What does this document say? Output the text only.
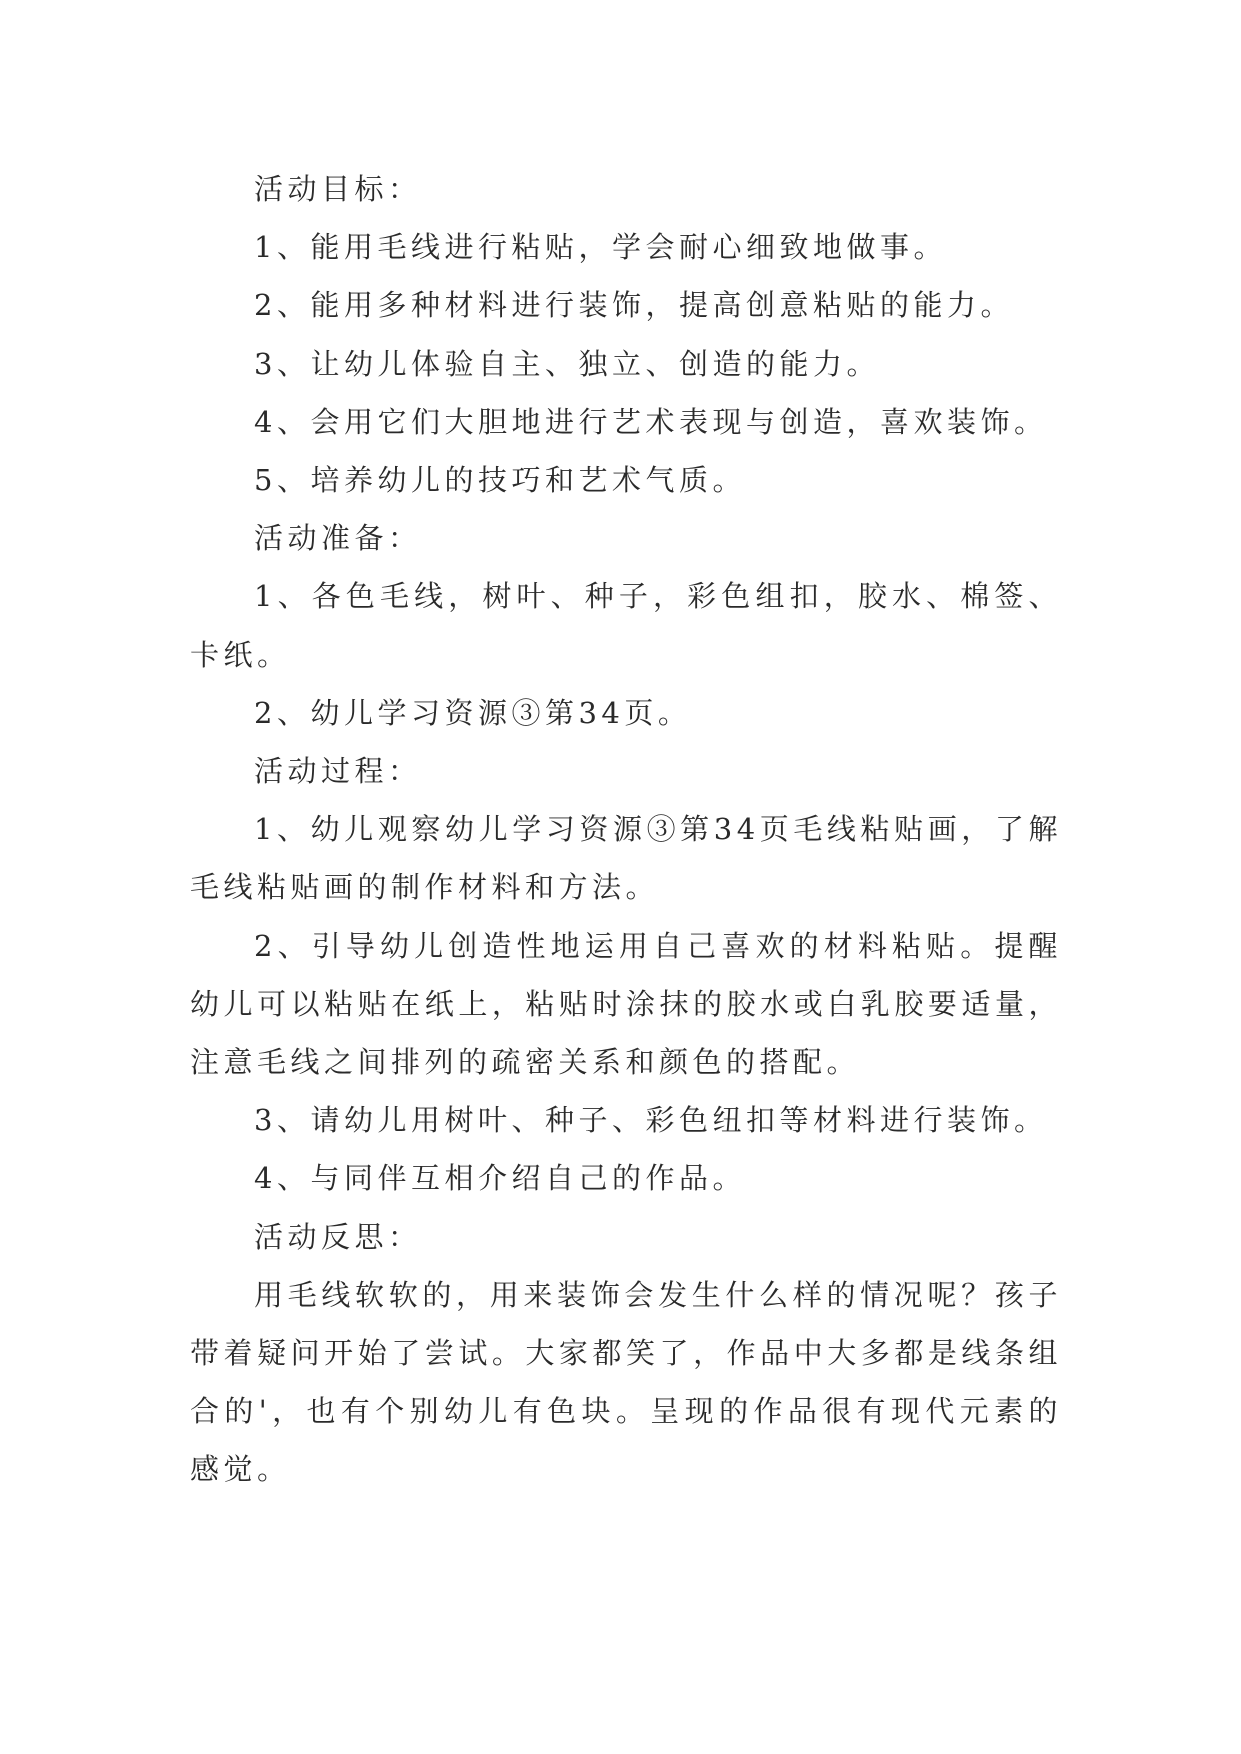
活动目标：

1、能用毛线进行粘贴，学会耐心细致地做事。

2、能用多种材料进行装饰，提高创意粘贴的能力。

3、让幼儿体验自主、独立、创造的能力。

4、会用它们大胆地进行艺术表现与创造，喜欢装饰。

5、培养幼儿的技巧和艺术气质。

活动准备：

1、各色毛线，树叶、种子，彩色组扣，胶水、棉签、卡纸。

2、幼儿学习资源③第34页。

活动过程：

1、幼儿观察幼儿学习资源③第34页毛线粘贴画，了解毛线粘贴画的制作材料和方法。

2、引导幼儿创造性地运用自己喜欢的材料粘贴。提醒幼儿可以粘贴在纸上，粘贴时涂抹的胶水或白乳胶要适量，注意毛线之间排列的疏密关系和颜色的搭配。

3、请幼儿用树叶、种子、彩色纽扣等材料进行装饰。

4、与同伴互相介绍自己的作品。

活动反思：

用毛线软软的，用来装饰会发生什么样的情况呢？孩子带着疑问开始了尝试。大家都笑了，作品中大多都是线条组合的'，也有个别幼儿有色块。呈现的作品很有现代元素的感觉。
